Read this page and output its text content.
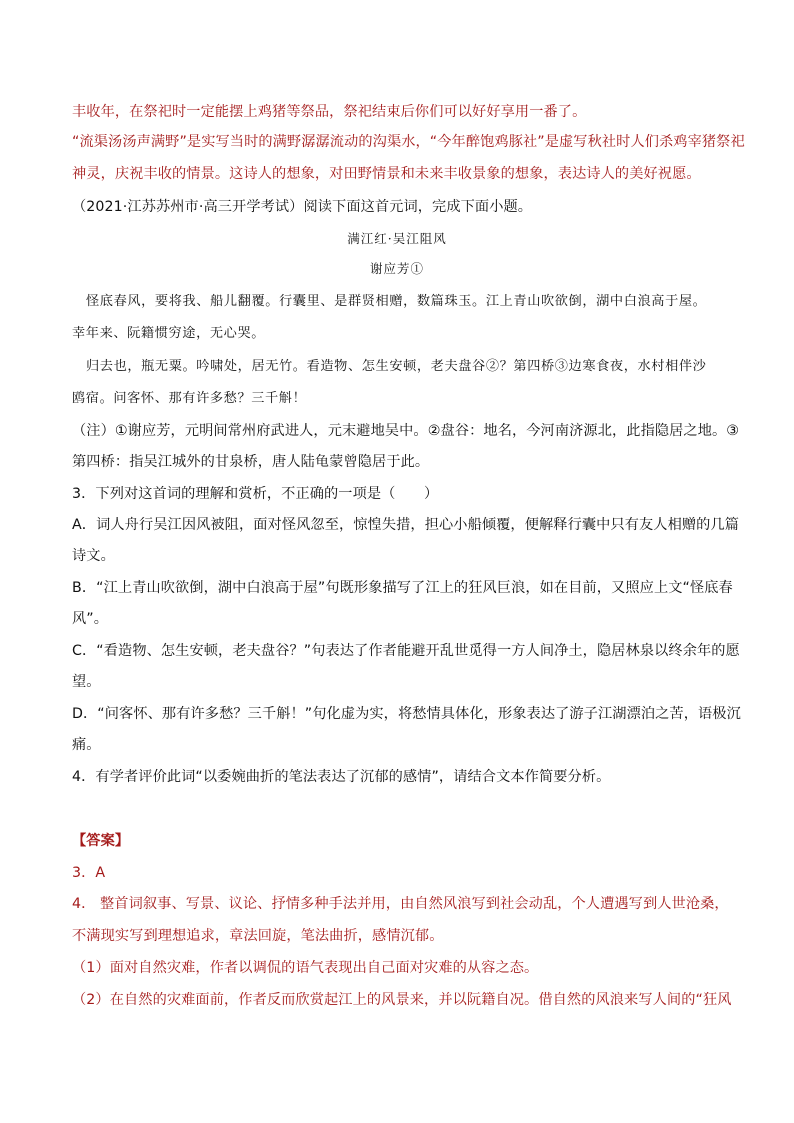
丰收年，在祭祀时一定能摆上鸡猪等祭品，祭祀结束后你们可以好好享用一番了。
“流渠汤汤声满野”是实写当时的满野潺潺流动的沟渠水，“今年醉饱鸡豚社”是虚写秋社时人们杀鸡宰猪祭祀
神灵，庆祝丰收的情景。这诗人的想象，对田野情景和未来丰收景象的想象，表达诗人的美好祝愿。
（2021·江苏苏州市·高三开学考试）阅读下面这首元词，完成下面小题。
满江红·吴江阻风
谢应芳①
怪底春风，要将我、船儿翻覆。行囊里、是群贤相赠，数篇珠玉。江上青山吹欲倒，湖中白浪高于屋。
幸年来、阮籍惯穷途，无心哭。
归去也，瓶无粟。吟啸处，居无竹。看造物、怎生安顿，老夫盘谷②？第四桥③边寒食夜，水村相伴沙
鸥宿。问客怀、那有许多愁？三千斛！
（注）①谢应芳，元明间常州府武进人，元末避地吴中。②盘谷：地名，今河南济源北，此指隐居之地。③
第四桥：指吴江城外的甘泉桥，唐人陆龟蒙曾隐居于此。
3．下列对这首词的理解和赏析，不正确的一项是（　　）
A．词人舟行吴江因风被阻，面对怪风忽至，惊惶失措，担心小船倾覆，便解释行囊中只有友人相赠的几篇
诗文。
B．“江上青山吹欲倒，湖中白浪高于屋”句既形象描写了江上的狂风巨浪，如在目前，又照应上文“怪底春
风”。
C．“看造物、怎生安顿，老夫盘谷？”句表达了作者能避开乱世觅得一方人间净土，隐居林泉以终余年的愿
望。
D．“问客怀、那有许多愁？三千斛！”句化虚为实，将愁情具体化，形象表达了游子江湖漂泊之苦，语极沉
痛。
4．有学者评价此词“以委婉曲折的笔法表达了沉郁的感情”，请结合文本作简要分析。
【答案】
3．A
4． 整首词叙事、写景、议论、抒情多种手法并用，由自然风浪写到社会动乱，个人遭遇写到人世沧桑，
不满现实写到理想追求，章法回旋，笔法曲折，感情沉郁。
（1）面对自然灾难，作者以调侃的语气表现出自己面对灾难的从容之态。
（2）在自然的灾难面前，作者反而欣赏起江上的风景来，并以阮籍自况。借自然的风浪来写人间的“狂风
